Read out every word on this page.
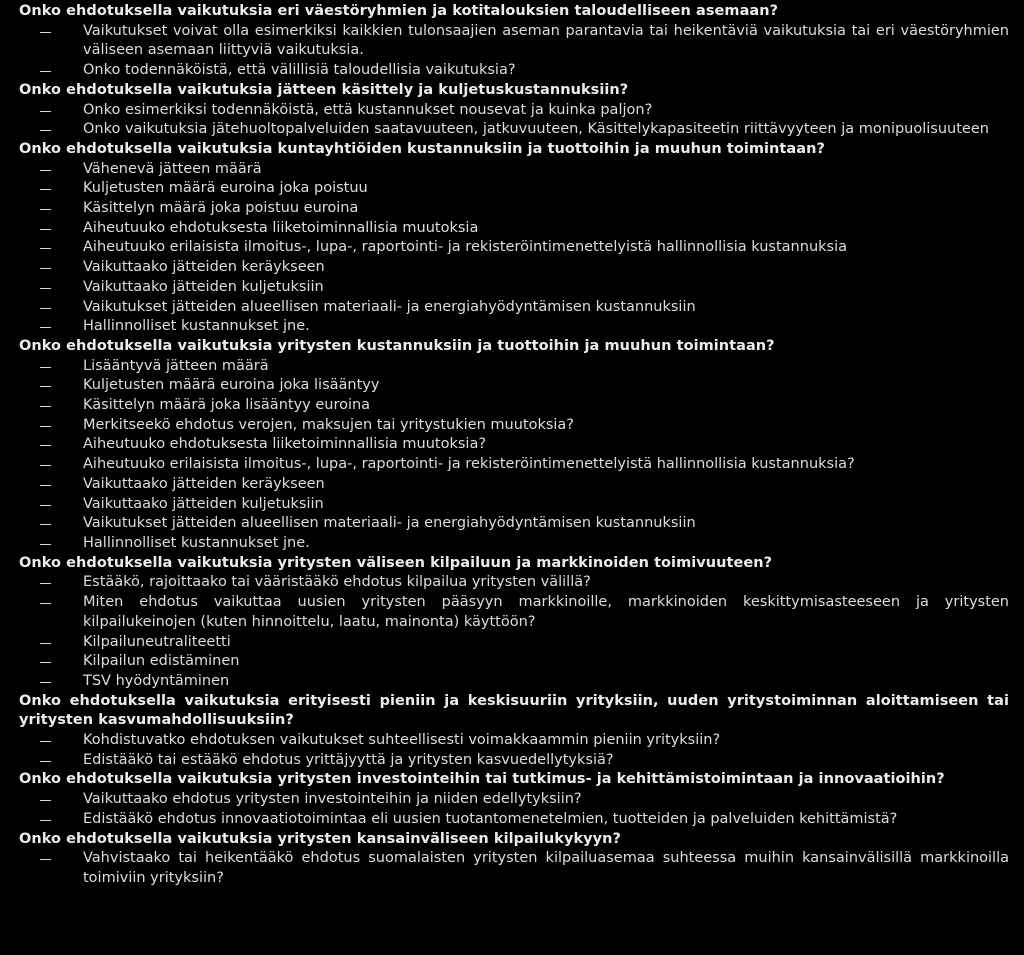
Onko ehdotuksella vaikutuksia eri väestöryhmien ja kotitalouksien taloudelliseen asemaan?
Vaikutukset voivat olla esimerkiksi kaikkien tulonsaajien aseman parantavia tai heikentäviä vaikutuksia tai eri väestöryhmien väliseen asemaan liittyviä vaikutuksia.
Onko todennäköistä, että välillisiä taloudellisia vaikutuksia?
Onko ehdotuksella vaikutuksia jätteen käsittely ja kuljetuskustannuksiin?
Onko esimerkiksi todennäköistä, että kustannukset nousevat ja kuinka paljon?
Onko vaikutuksia jätehuoltopalveluiden saatavuuteen, jatkuvuuteen, Käsittelykapasiteetin riittävyyteen ja monipuolisuuteen
Onko ehdotuksella vaikutuksia kuntayhtiöiden kustannuksiin ja tuottoihin ja muuhun toimintaan?
Vähenevä jätteen määrä
Kuljetusten määrä euroina joka poistuu
Käsittelyn määrä joka poistuu euroina
Aiheutuuko ehdotuksesta liiketoiminnallisia muutoksia
Aiheutuuko erilaisista ilmoitus-, lupa-, raportointi- ja rekisteröintimenettelyistä hallinnollisia kustannuksia
Vaikuttaako jätteiden keräykseen
Vaikuttaako jätteiden kuljetuksiin
Vaikutukset jätteiden alueellisen materiaali- ja energiahyödyntämisen kustannuksiin
Hallinnolliset kustannukset jne.
Onko ehdotuksella vaikutuksia yritysten kustannuksiin ja tuottoihin ja muuhun toimintaan?
Lisääntyvä jätteen määrä
Kuljetusten määrä euroina joka lisääntyy
Käsittelyn määrä joka lisääntyy euroina
Merkitseekö ehdotus verojen, maksujen tai yritystukien muutoksia?
Aiheutuuko ehdotuksesta liiketoiminnallisia muutoksia?
Aiheutuuko erilaisista ilmoitus-, lupa-, raportointi- ja rekisteröintimenettelyistä hallinnollisia kustannuksia?
Vaikuttaako jätteiden keräykseen
Vaikuttaako jätteiden kuljetuksiin
Vaikutukset jätteiden alueellisen materiaali- ja energiahyödyntämisen kustannuksiin
Hallinnolliset kustannukset jne.
Onko ehdotuksella vaikutuksia yritysten väliseen kilpailuun ja markkinoiden toimivuuteen?
Estääkö, rajoittaako tai vääristääkö ehdotus kilpailua yritysten välillä?
Miten ehdotus vaikuttaa uusien yritysten pääsyyn markkinoille, markkinoiden keskittymisasteeseen ja yritysten kilpailukeinojen (kuten hinnoittelu, laatu, mainonta) käyttöön?
Kilpailuneutraliteetti
Kilpailun edistäminen
TSV hyödyntäminen
Onko ehdotuksella vaikutuksia erityisesti pieniin ja keskisuuriin yrityksiin, uuden yritystoiminnan aloittamiseen tai yritysten kasvumahdollisuuksiin?
Kohdistuvatko ehdotuksen vaikutukset suhteellisesti voimakkaammin pieniin yrityksiin?
Edistääkö tai estääkö ehdotus yrittäjyyttä ja yritysten kasvuedellytyksiä?
Onko ehdotuksella vaikutuksia yritysten investointeihin tai tutkimus- ja kehittämistoimintaan ja innovaatioihin?
Vaikuttaako ehdotus yritysten investointeihin ja niiden edellytyksiin?
Edistääkö ehdotus innovaatiotoimintaa eli uusien tuotantomenetelmien, tuotteiden ja palveluiden kehittämistä?
Onko ehdotuksella vaikutuksia yritysten kansainväliseen kilpailukykyyn?
Vahvistaako tai heikentääkö ehdotus suomalaisten yritysten kilpailuasemaa suhteessa muihin kansainvälisillä markkinoilla toimiviin yrityksiin?
